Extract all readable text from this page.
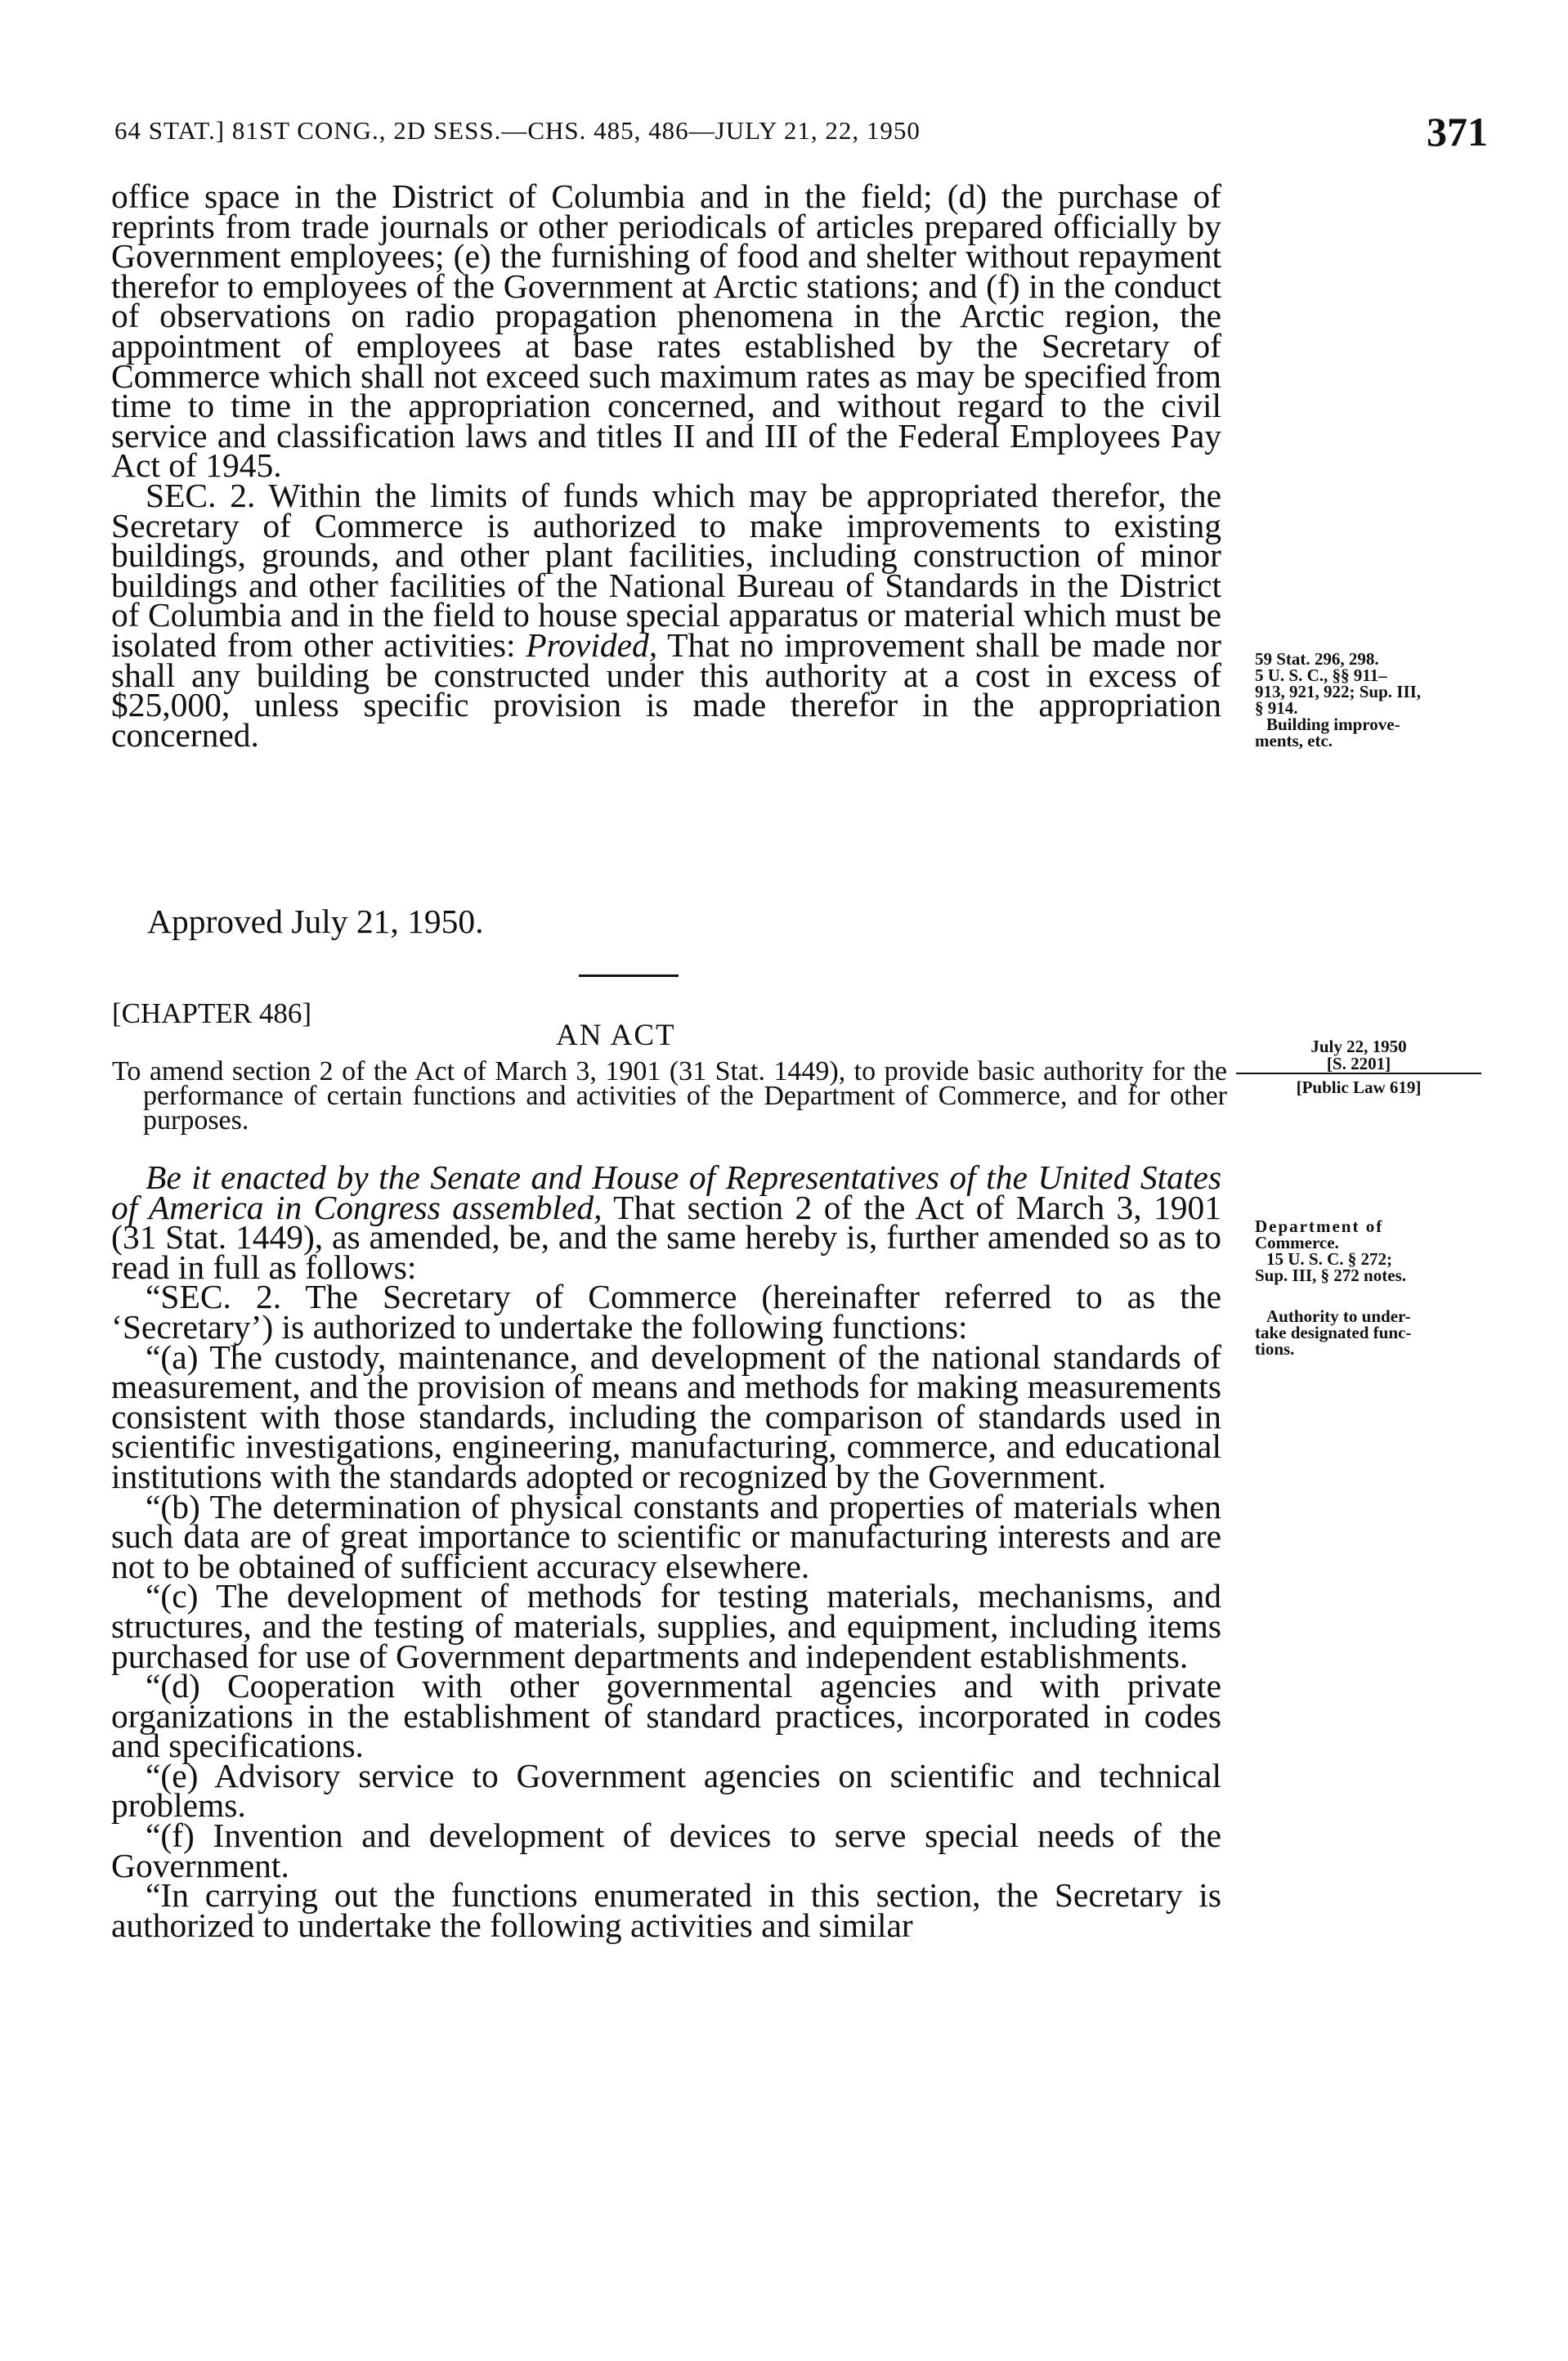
64 STAT.] 81ST CONG., 2D SESS.—CHS. 485, 486—JULY 21, 22, 1950	371

office space in the District of Columbia and in the field; (d) the purchase of reprints from trade journals or other periodicals of articles prepared officially by Government employees; (e) the furnishing of food and shelter without repayment therefor to employees of the Government at Arctic stations; and (f) in the conduct of observations on radio propagation phenomena in the Arctic region, the appointment of employees at base rates established by the Secretary of Commerce which shall not exceed such maximum rates as may be specified from time to time in the appropriation concerned, and without regard to the civil service and classification laws and titles II and III of the Federal Employees Pay Act of 1945.

SEC. 2. Within the limits of funds which may be appropriated therefor, the Secretary of Commerce is authorized to make improvements to existing buildings, grounds, and other plant facilities, including construction of minor buildings and other facilities of the National Bureau of Standards in the District of Columbia and in the field to house special apparatus or material which must be isolated from other activities: Provided, That no improvement shall be made nor shall any building be constructed under this authority at a cost in excess of $25,000, unless specific provision is made therefor in the appropriation concerned.

Approved July 21, 1950.
59 Stat. 296, 298.
5 U. S. C., §§ 911–
913, 921, 922; Sup. III,
§ 914.
Building improve-
ments, etc.
[CHAPTER 486]
AN ACT	July 22, 1950
[S. 2201]
[Public Law 619]
To amend section 2 of the Act of March 3, 1901 (31 Stat. 1449), to provide basic authority for the performance of certain functions and activities of the Department of Commerce, and for other purposes.

Be it enacted by the Senate and House of Representatives of the United States of America in Congress assembled, That section 2 of the Act of March 3, 1901 (31 Stat. 1449), as amended, be, and the same hereby is, further amended so as to read in full as follows:

“SEC. 2. The Secretary of Commerce (hereinafter referred to as the ‘Secretary’) is authorized to undertake the following functions:

“(a) The custody, maintenance, and development of the national standards of measurement, and the provision of means and methods for making measurements consistent with those standards, including the comparison of standards used in scientific investigations, engineering, manufacturing, commerce, and educational institutions with the standards adopted or recognized by the Government.

“(b) The determination of physical constants and properties of materials when such data are of great importance to scientific or manufacturing interests and are not to be obtained of sufficient accuracy elsewhere.

“(c) The development of methods for testing materials, mechanisms, and structures, and the testing of materials, supplies, and equipment, including items purchased for use of Government departments and independent establishments.

“(d) Cooperation with other governmental agencies and with private organizations in the establishment of standard practices, incorporated in codes and specifications.

“(e) Advisory service to Government agencies on scientific and technical problems.

“(f) Invention and development of devices to serve special needs of the Government.

“In carrying out the functions enumerated in this section, the Secretary is authorized to undertake the following activities and similar

Department of
Commerce.
15 U. S. C. § 272;
Sup. III, § 272 notes.
Authority to under-
take designated func-
tions.
